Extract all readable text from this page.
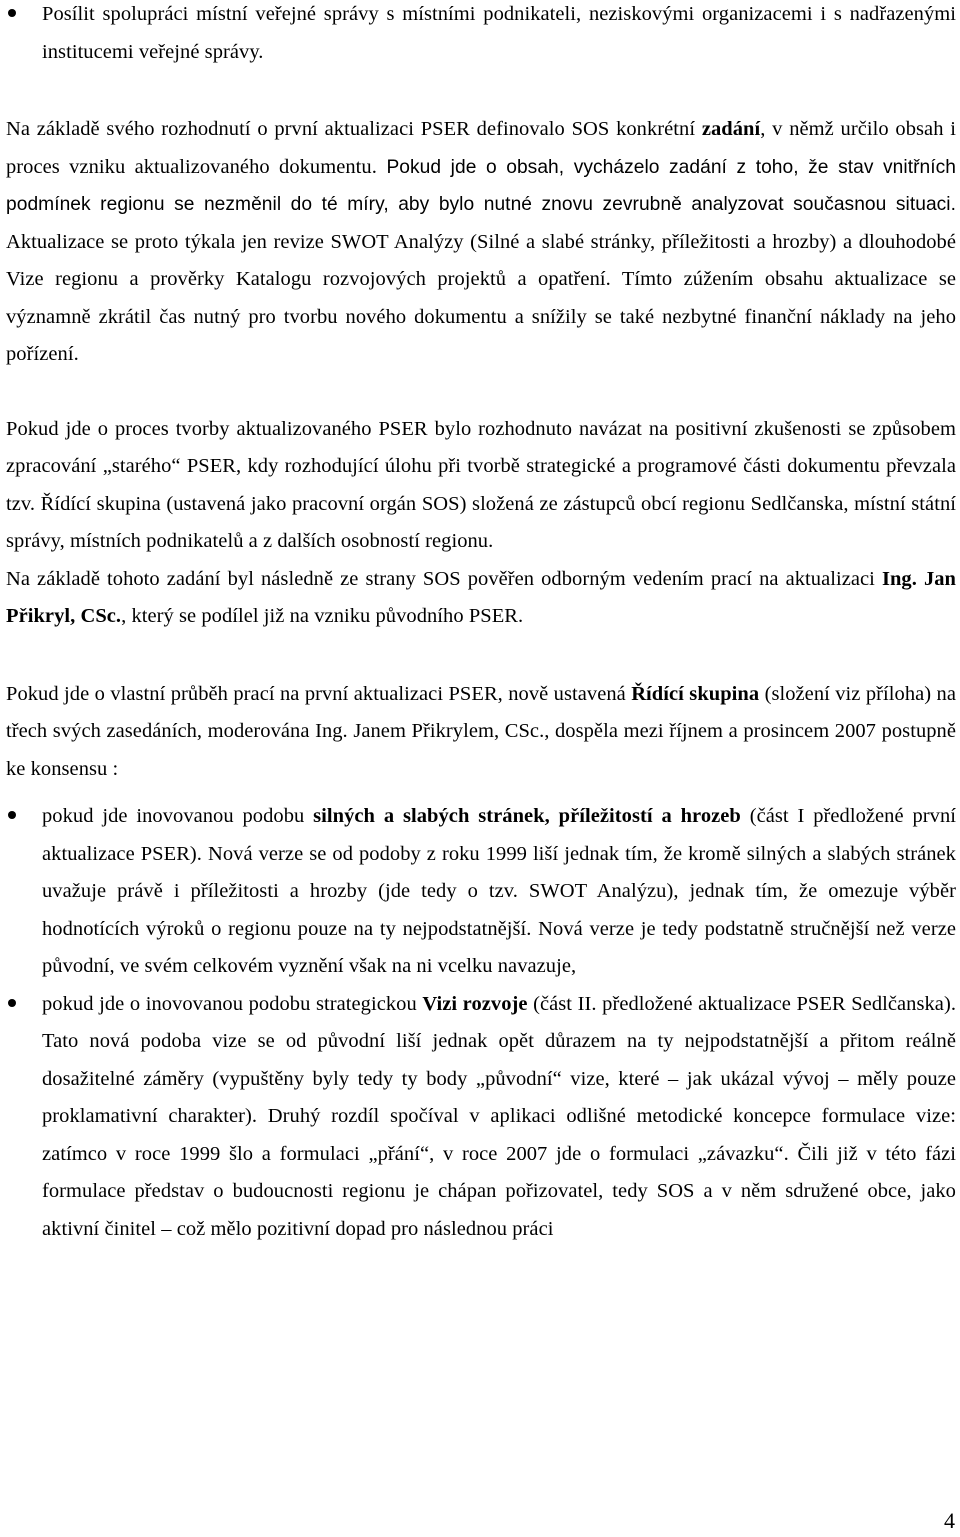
Posílit spolupráci místní veřejné správy s místními podnikateli, neziskovými organizacemi i s nadřazenými institucemi veřejné správy.

Na základě svého rozhodnutí o první aktualizaci PSER definovalo SOS konkrétní zadání, v němž určilo obsah i proces vzniku aktualizovaného dokumentu. Pokud jde o obsah, vycházelo zadání z toho, že stav vnitřních podmínek regionu se nezměnil do té míry, aby bylo nutné znovu zevrubně analyzovat současnou situaci. Aktualizace se proto týkala jen revize SWOT Analýzy (Silné a slabé stránky, příležitosti a hrozby) a dlouhodobé Vize regionu a prověrky Katalogu rozvojových projektů a opatření. Tímto zúžením obsahu aktualizace se významně zkrátil čas nutný pro tvorbu nového dokumentu a snížily se také nezbytné finanční náklady na jeho pořízení.

Pokud jde o proces tvorby aktualizovaného PSER bylo rozhodnuto navázat na positivní zkušenosti se způsobem zpracování „starého“ PSER, kdy rozhodující úlohu při tvorbě strategické a programové části dokumentu převzala tzv. Řídící skupina (ustavená jako pracovní orgán SOS) složená ze zástupců obcí regionu Sedlčanska, místní státní správy, místních podnikatelů a z dalších osobností regionu.

Na základě tohoto zadání byl následně ze strany SOS pověřen odborným vedením prací na aktualizaci Ing. Jan Přikryl, CSc., který se podílel již na vzniku původního PSER.

Pokud jde o vlastní průběh prací na první aktualizaci PSER, nově ustavená Řídící skupina (složení viz příloha) na třech svých zasedáních, moderována Ing. Janem Přikrylem, CSc., dospěla mezi říjnem a prosincem 2007 postupně ke konsensu :

pokud jde inovovanou podobu silných a slabých stránek, příležitostí a hrozeb (část I předložené první aktualizace PSER). Nová verze se od podoby z roku 1999 liší jednak tím, že kromě silných a slabých stránek uvažuje právě i příležitosti a hrozby (jde tedy o tzv. SWOT Analýzu), jednak tím, že omezuje výběr hodnotících výroků o regionu pouze na ty nejpodstatnější. Nová verze je tedy podstatně stručnější než verze původní, ve svém celkovém vyznění však na ni vcelku navazuje,
pokud jde o inovovanou podobu strategickou Vizi rozvoje (část II. předložené aktualizace PSER Sedlčanska). Tato nová podoba vize se od původní liší jednak opět důrazem na ty nejpodstatnější a přitom reálně dosažitelné záměry (vypuštěny byly tedy ty body „původní“ vize, které – jak ukázal vývoj – měly pouze proklamativní charakter). Druhý rozdíl spočíval v aplikaci odlišné metodické koncepce formulace vize: zatímco v roce 1999 šlo a formulaci „přání“, v roce 2007 jde o formulaci „závazku“. Čili již v této fázi formulace představ o budoucnosti regionu je chápan pořizovatel, tedy SOS a v něm sdružené obce, jako aktivní činitel – což mělo pozitivní dopad pro následnou práci
4
